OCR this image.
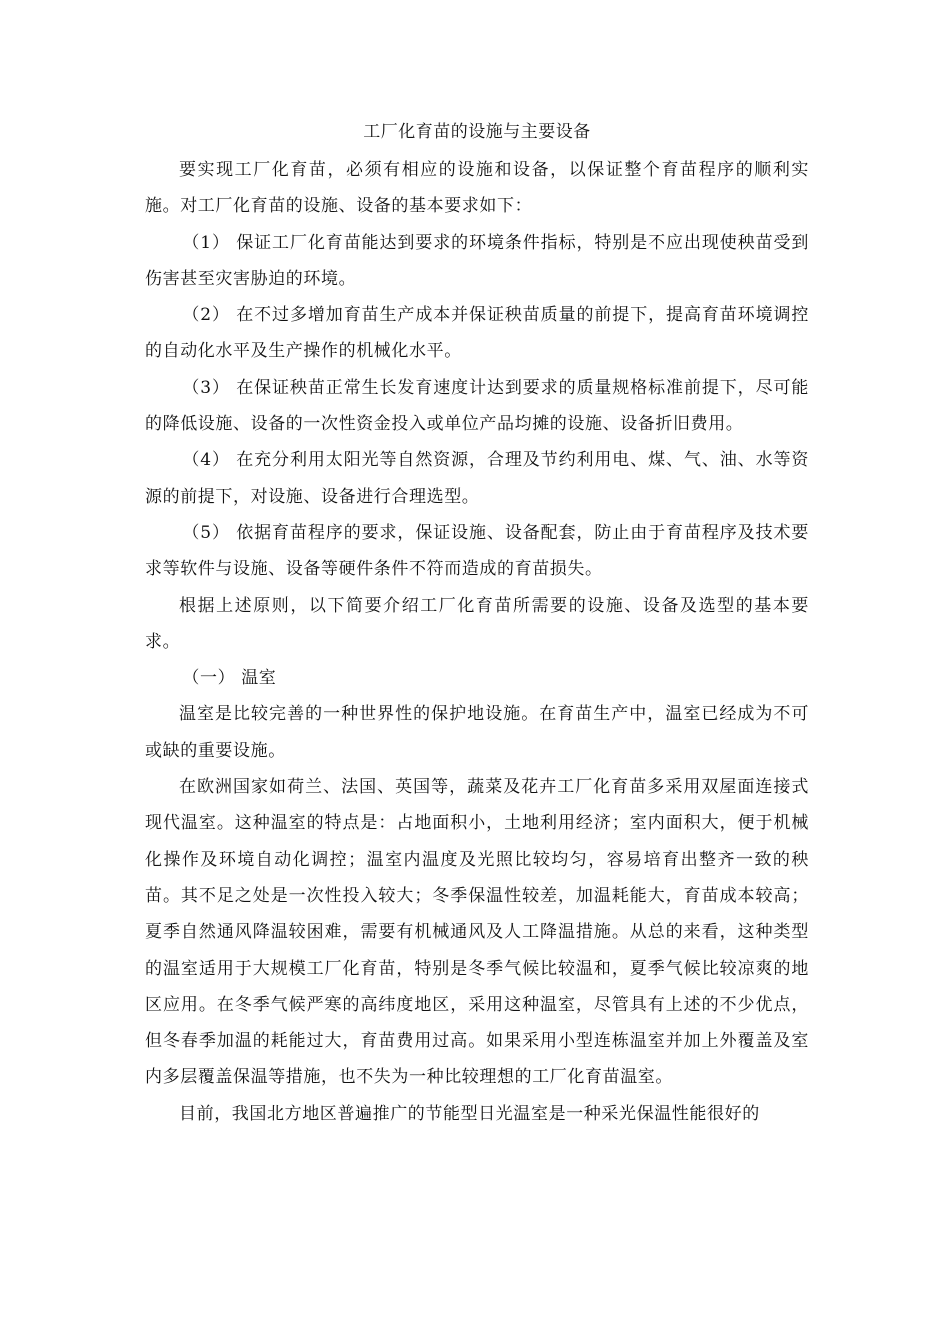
工厂化育苗的设施与主要设备

要实现工厂化育苗，必须有相应的设施和设备，以保证整个育苗程序的顺利实施。对工厂化育苗的设施、设备的基本要求如下：

（1） 保证工厂化育苗能达到要求的环境条件指标，特别是不应出现使秧苗受到伤害甚至灾害胁迫的环境。

（2） 在不过多增加育苗生产成本并保证秧苗质量的前提下，提高育苗环境调控的自动化水平及生产操作的机械化水平。

（3） 在保证秧苗正常生长发育速度计达到要求的质量规格标准前提下，尽可能的降低设施、设备的一次性资金投入或单位产品均摊的设施、设备折旧费用。

（4） 在充分利用太阳光等自然资源，合理及节约利用电、煤、气、油、水等资源的前提下，对设施、设备进行合理选型。

（5） 依据育苗程序的要求，保证设施、设备配套，防止由于育苗程序及技术要求等软件与设施、设备等硬件条件不符而造成的育苗损失。

根据上述原则，以下简要介绍工厂化育苗所需要的设施、设备及选型的基本要求。

（一） 温室

温室是比较完善的一种世界性的保护地设施。在育苗生产中，温室已经成为不可或缺的重要设施。

在欧洲国家如荷兰、法国、英国等，蔬菜及花卉工厂化育苗多采用双屋面连接式现代温室。这种温室的特点是：占地面积小，土地利用经济；室内面积大，便于机械化操作及环境自动化调控；温室内温度及光照比较均匀，容易培育出整齐一致的秧苗。其不足之处是一次性投入较大；冬季保温性较差，加温耗能大，育苗成本较高；夏季自然通风降温较困难，需要有机械通风及人工降温措施。从总的来看，这种类型的温室适用于大规模工厂化育苗，特别是冬季气候比较温和，夏季气候比较凉爽的地区应用。在冬季气候严寒的高纬度地区，采用这种温室，尽管具有上述的不少优点，但冬春季加温的耗能过大，育苗费用过高。如果采用小型连栋温室并加上外覆盖及室内多层覆盖保温等措施，也不失为一种比较理想的工厂化育苗温室。

目前，我国北方地区普遍推广的节能型日光温室是一种采光保温性能很好的
